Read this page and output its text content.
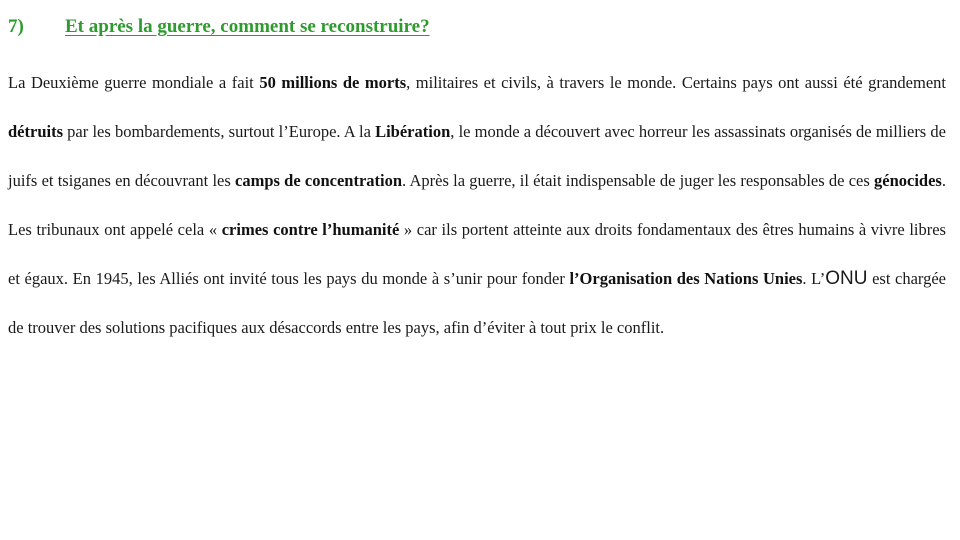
7)	Et après la guerre, comment se reconstruire?

La Deuxième guerre mondiale a fait 50 millions de morts, militaires et civils, à travers le monde. Certains pays ont aussi été grandement détruits par les bombardements, surtout l’Europe. A la Libération, le monde a découvert avec horreur les assassinats organisés de milliers de juifs et tsiganes en découvrant les camps de concentration. Après la guerre, il était indispensable de juger les responsables de ces génocides. Les tribunaux ont appelé cela « crimes contre l’humanité » car ils portent atteinte aux droits fondamentaux des êtres humains à vivre libres et égaux. En 1945, les Alliés ont invité tous les pays du monde à s’unir pour fonder l’Organisation des Nations Unies. L’ONU est chargée de trouver des solutions pacifiques aux désaccords entre les pays, afin d’éviter à tout prix le conflit.
